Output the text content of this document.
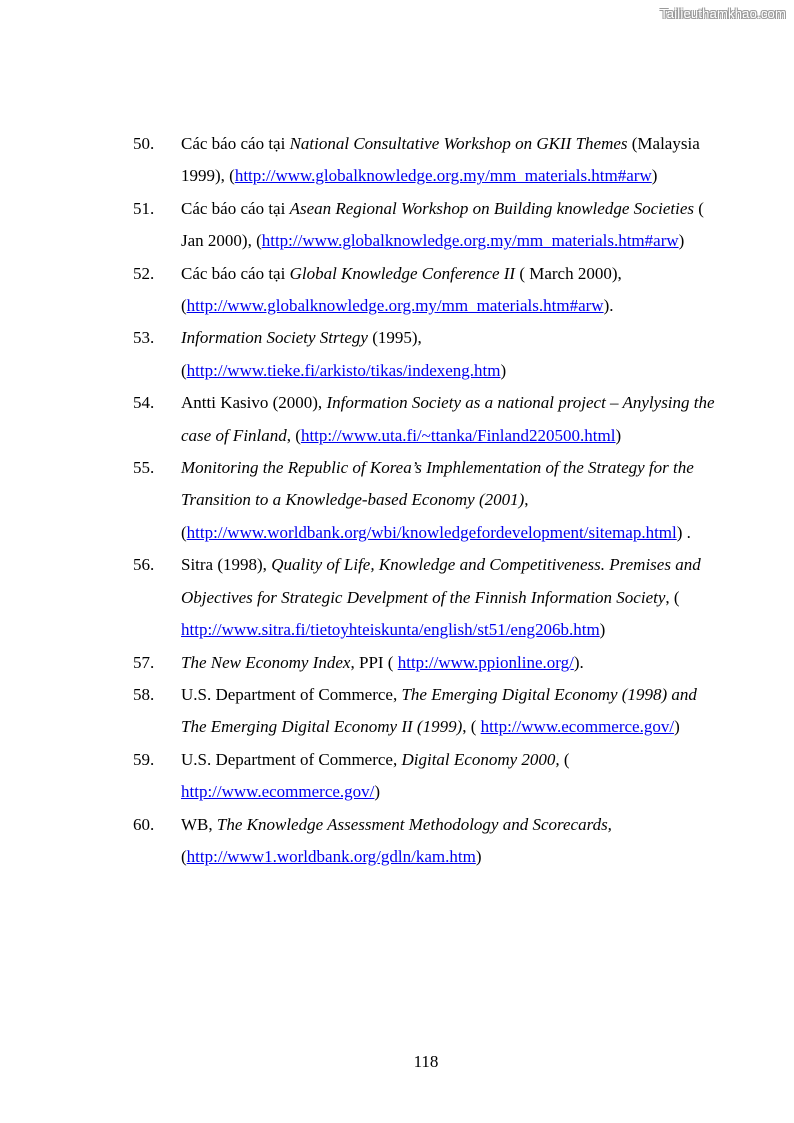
Tailieuthamkhao.com
50. Các báo cáo tại National Consultative Workshop on GKII Themes (Malaysia 1999), (http://www.globalknowledge.org.my/mm_materials.htm#arw)
51. Các báo cáo tại Asean Regional Workshop on Building knowledge Societies ( Jan 2000), (http://www.globalknowledge.org.my/mm_materials.htm#arw)
52. Các báo cáo tại Global Knowledge Conference II ( March 2000), (http://www.globalknowledge.org.my/mm_materials.htm#arw).
53. Information Society Strtegy (1995), (http://www.tieke.fi/arkisto/tikas/indexeng.htm)
54. Antti Kasivo (2000), Information Society as a national project – Anylysing the case of Finland, (http://www.uta.fi/~ttanka/Finland220500.html)
55. Monitoring the Republic of Korea’s Imphlementation of the Strategy for the Transition to a Knowledge-based Economy (2001), (http://www.worldbank.org/wbi/knowledgefordevelopment/sitemap.html) .
56. Sitra (1998), Quality of Life, Knowledge and Competitiveness. Premises and Objectives for Strategic Develpment of the Finnish Information Society, ( http://www.sitra.fi/tietoyhteiskunta/english/st51/eng206b.htm)
57. The New Economy Index, PPI ( http://www.ppionline.org/).
58. U.S. Department of Commerce, The Emerging Digital Economy (1998) and The Emerging Digital Economy II (1999), ( http://www.ecommerce.gov/)
59. U.S. Department of Commerce, Digital Economy 2000, ( http://www.ecommerce.gov/)
60. WB, The Knowledge Assessment Methodology and Scorecards, (http://www1.worldbank.org/gdln/kam.htm)
118
